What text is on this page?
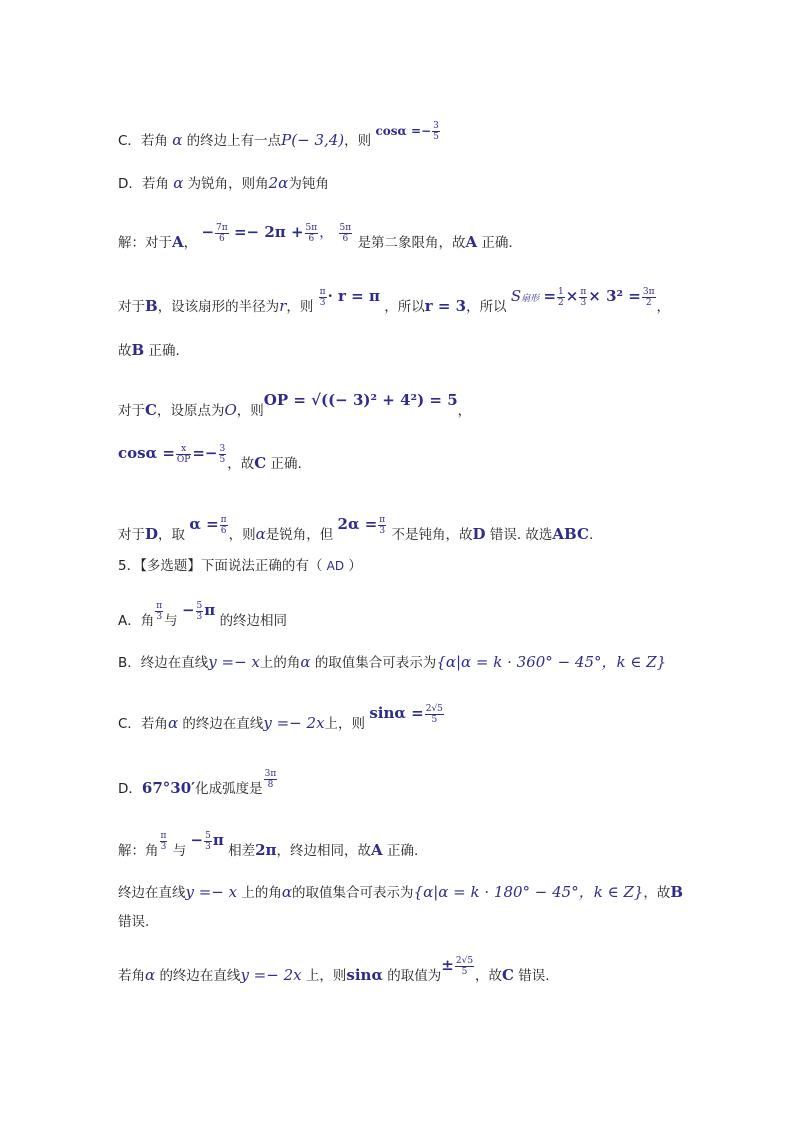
C．若角 α 的终边上有一点P(− 3,4)，则 $\cos\alpha =- \frac{3}{5}$
D．若角 α 为锐角，则角2α为钝角
解：对于A， − $\frac{7\pi}{6} =- 2\pi + \frac{5\pi}{6}$ ， $\frac{5\pi}{6}$ 是第二象限角，故A 正确.
对于B，设该扇形的半径为r，则 $\frac{\pi}{3} \cdot r = \pi$ ，所以r = 3，所以 S扇形 = $\frac{1}{2} \times \frac{\pi}{3} \times 3^2 = \frac{3\pi}{2}$ ，
故B 正确.
对于C，设原点为O，则OP = √((− 3)² + 4²) = 5，
$\cos\alpha = \frac{x}{OP} =- \frac{3}{5}$ ，故C 正确.
对于D，取 $\alpha = \frac{\pi}{6}$ ，则α是锐角，但 $2\alpha = \frac{\pi}{3}$ 不是钝角，故D 错误. 故选ABC.
5．【多选题】下面说法正确的有（ AD ）
A．角 $\frac{\pi}{3}$ 与 − $\frac{5}{3}$ π 的终边相同
B．终边在直线y =− x上的角α 的取值集合可表示为{α|α = k · 360° − 45°，k ∈ Z}
C．若角α 的终边在直线y =− 2x上，则 $\sin\alpha = \frac{2√5}{5}$
D．67°30′化成弧度是 $\frac{3\pi}{8}$
解：角 $\frac{\pi}{3}$ 与 − $\frac{5}{3}$ π 相差2π，终边相同，故A 正确.
终边在直线y =− x 上的角α的取值集合可表示为{α|α = k · 180° − 45°，k ∈ Z}，故B
错误.
若角α 的终边在直线y =− 2x 上，则sinα 的取值为± $\frac{2√5}{5}$ ，故C 错误.
